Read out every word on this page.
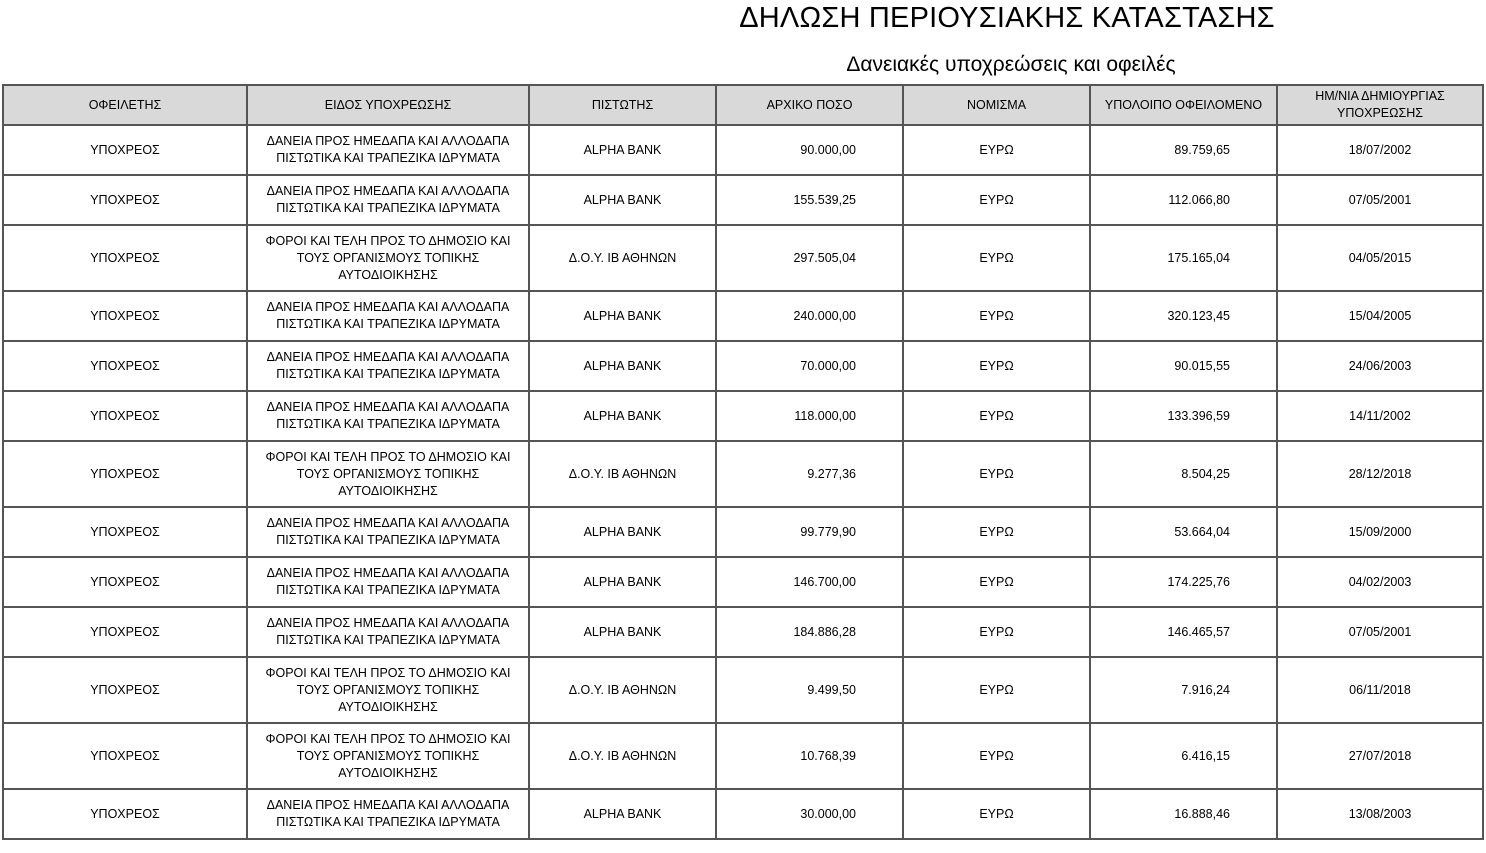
ΔΗΛΩΣΗ ΠΕΡΙΟΥΣΙΑΚΗΣ ΚΑΤΑΣΤΑΣΗΣ
Δανειακές υποχρεώσεις και οφειλές
ΟΦΕΙΛΕΤΗΣ	ΕΙΔΟΣ ΥΠΟΧΡΕΩΣΗΣ	ΠΙΣΤΩΤΗΣ	ΑΡΧΙΚΟ ΠΟΣΟ	ΝΟΜΙΣΜΑ	ΥΠΟΛΟΙΠΟ ΟΦΕΙΛΟΜΕΝΟ	ΗΜ/ΝΙΑ ΔΗΜΙΟΥΡΓΙΑΣ ΥΠΟΧΡΕΩΣΗΣ
ΥΠΟΧΡΕΟΣ	ΔΑΝΕΙΑ ΠΡΟΣ ΗΜΕΔΑΠΑ ΚΑΙ ΑΛΛΟΔΑΠΑ ΠΙΣΤΩΤΙΚΑ ΚΑΙ ΤΡΑΠΕΖΙΚΑ ΙΔΡΥΜΑΤΑ	ALPHA BANK	90.000,00	ΕΥΡΩ	89.759,65	18/07/2002
ΥΠΟΧΡΕΟΣ	ΔΑΝΕΙΑ ΠΡΟΣ ΗΜΕΔΑΠΑ ΚΑΙ ΑΛΛΟΔΑΠΑ ΠΙΣΤΩΤΙΚΑ ΚΑΙ ΤΡΑΠΕΖΙΚΑ ΙΔΡΥΜΑΤΑ	ALPHA BANK	155.539,25	ΕΥΡΩ	112.066,80	07/05/2001
ΥΠΟΧΡΕΟΣ	ΦΟΡΟΙ ΚΑΙ ΤΕΛΗ ΠΡΟΣ ΤΟ ΔΗΜΟΣΙΟ ΚΑΙ ΤΟΥΣ ΟΡΓΑΝΙΣΜΟΥΣ ΤΟΠΙΚΗΣ ΑΥΤΟΔΙΟΙΚΗΣΗΣ	Δ.Ο.Υ. ΙΒ ΑΘΗΝΩΝ	297.505,04	ΕΥΡΩ	175.165,04	04/05/2015
ΥΠΟΧΡΕΟΣ	ΔΑΝΕΙΑ ΠΡΟΣ ΗΜΕΔΑΠΑ ΚΑΙ ΑΛΛΟΔΑΠΑ ΠΙΣΤΩΤΙΚΑ ΚΑΙ ΤΡΑΠΕΖΙΚΑ ΙΔΡΥΜΑΤΑ	ALPHA BANK	240.000,00	ΕΥΡΩ	320.123,45	15/04/2005
ΥΠΟΧΡΕΟΣ	ΔΑΝΕΙΑ ΠΡΟΣ ΗΜΕΔΑΠΑ ΚΑΙ ΑΛΛΟΔΑΠΑ ΠΙΣΤΩΤΙΚΑ ΚΑΙ ΤΡΑΠΕΖΙΚΑ ΙΔΡΥΜΑΤΑ	ALPHA BANK	70.000,00	ΕΥΡΩ	90.015,55	24/06/2003
ΥΠΟΧΡΕΟΣ	ΔΑΝΕΙΑ ΠΡΟΣ ΗΜΕΔΑΠΑ ΚΑΙ ΑΛΛΟΔΑΠΑ ΠΙΣΤΩΤΙΚΑ ΚΑΙ ΤΡΑΠΕΖΙΚΑ ΙΔΡΥΜΑΤΑ	ALPHA BANK	118.000,00	ΕΥΡΩ	133.396,59	14/11/2002
ΥΠΟΧΡΕΟΣ	ΦΟΡΟΙ ΚΑΙ ΤΕΛΗ ΠΡΟΣ ΤΟ ΔΗΜΟΣΙΟ ΚΑΙ ΤΟΥΣ ΟΡΓΑΝΙΣΜΟΥΣ ΤΟΠΙΚΗΣ ΑΥΤΟΔΙΟΙΚΗΣΗΣ	Δ.Ο.Υ. ΙΒ ΑΘΗΝΩΝ	9.277,36	ΕΥΡΩ	8.504,25	28/12/2018
ΥΠΟΧΡΕΟΣ	ΔΑΝΕΙΑ ΠΡΟΣ ΗΜΕΔΑΠΑ ΚΑΙ ΑΛΛΟΔΑΠΑ ΠΙΣΤΩΤΙΚΑ ΚΑΙ ΤΡΑΠΕΖΙΚΑ ΙΔΡΥΜΑΤΑ	ALPHA BANK	99.779,90	ΕΥΡΩ	53.664,04	15/09/2000
ΥΠΟΧΡΕΟΣ	ΔΑΝΕΙΑ ΠΡΟΣ ΗΜΕΔΑΠΑ ΚΑΙ ΑΛΛΟΔΑΠΑ ΠΙΣΤΩΤΙΚΑ ΚΑΙ ΤΡΑΠΕΖΙΚΑ ΙΔΡΥΜΑΤΑ	ALPHA BANK	146.700,00	ΕΥΡΩ	174.225,76	04/02/2003
ΥΠΟΧΡΕΟΣ	ΔΑΝΕΙΑ ΠΡΟΣ ΗΜΕΔΑΠΑ ΚΑΙ ΑΛΛΟΔΑΠΑ ΠΙΣΤΩΤΙΚΑ ΚΑΙ ΤΡΑΠΕΖΙΚΑ ΙΔΡΥΜΑΤΑ	ALPHA BANK	184.886,28	ΕΥΡΩ	146.465,57	07/05/2001
ΥΠΟΧΡΕΟΣ	ΦΟΡΟΙ ΚΑΙ ΤΕΛΗ ΠΡΟΣ ΤΟ ΔΗΜΟΣΙΟ ΚΑΙ ΤΟΥΣ ΟΡΓΑΝΙΣΜΟΥΣ ΤΟΠΙΚΗΣ ΑΥΤΟΔΙΟΙΚΗΣΗΣ	Δ.Ο.Υ. ΙΒ ΑΘΗΝΩΝ	9.499,50	ΕΥΡΩ	7.916,24	06/11/2018
ΥΠΟΧΡΕΟΣ	ΦΟΡΟΙ ΚΑΙ ΤΕΛΗ ΠΡΟΣ ΤΟ ΔΗΜΟΣΙΟ ΚΑΙ ΤΟΥΣ ΟΡΓΑΝΙΣΜΟΥΣ ΤΟΠΙΚΗΣ ΑΥΤΟΔΙΟΙΚΗΣΗΣ	Δ.Ο.Υ. ΙΒ ΑΘΗΝΩΝ	10.768,39	ΕΥΡΩ	6.416,15	27/07/2018
ΥΠΟΧΡΕΟΣ	ΔΑΝΕΙΑ ΠΡΟΣ ΗΜΕΔΑΠΑ ΚΑΙ ΑΛΛΟΔΑΠΑ ΠΙΣΤΩΤΙΚΑ ΚΑΙ ΤΡΑΠΕΖΙΚΑ ΙΔΡΥΜΑΤΑ	ALPHA BANK	30.000,00	ΕΥΡΩ	16.888,46	13/08/2003
